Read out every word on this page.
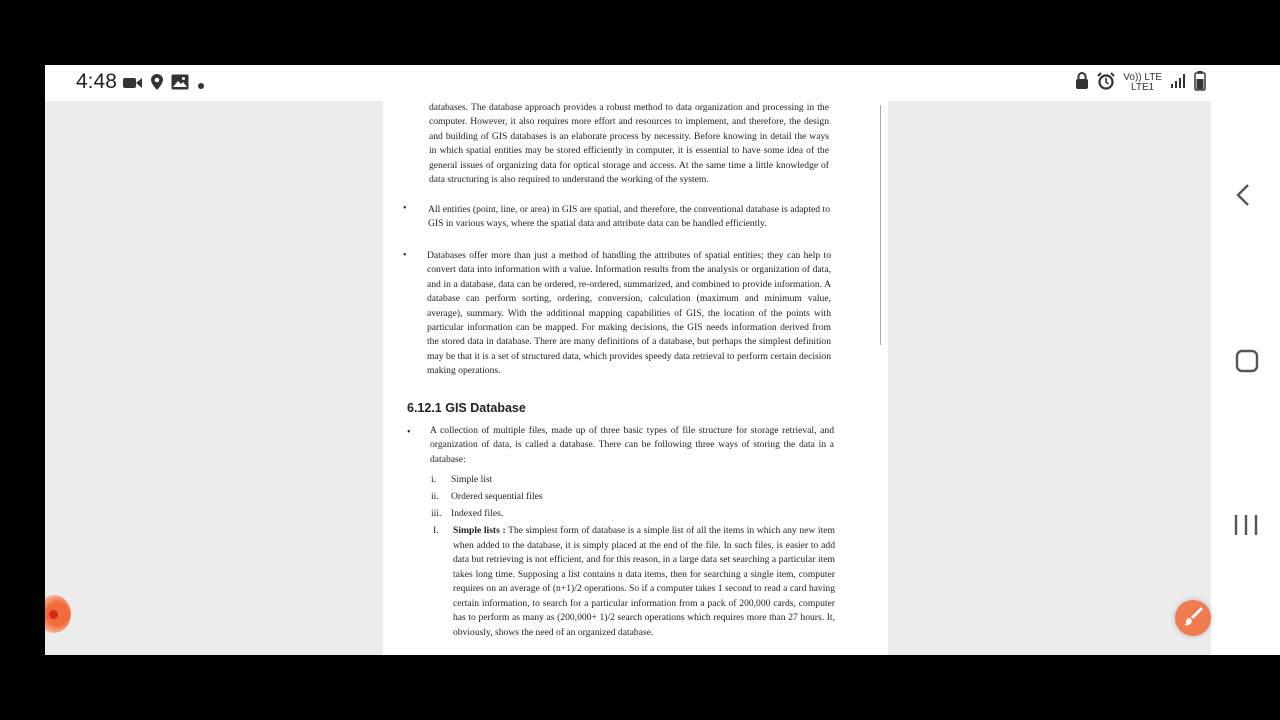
4:48	Vo)) LTE
LTE1
databases. The database approach provides a robust method to data organization and processing in the computer. However, it also requires more effort and resources to implement, and therefore, the design and building of GIS databases is an elaborate process by necessity. Before knowing in detail the ways in which spatial entities may be stored efficiently in computer, it is essential to have some idea of the general issues of organizing data for optical storage and access. At the same time a little knowledge of data structuring is also required to understand the working of the system.
• All entities (point, line, or area) in GIS are spatial, and therefore, the conventional database is adapted to GIS in various ways, where the spatial data and attribute data can be handled efficiently.
• Databases offer more than just a method of handling the attributes of spatial entities; they can help to convert data into information with a value. Information results from the analysis or organization of data, and in a database, data can be ordered, re-ordered, summarized, and combined to provide information. A database can perform sorting, ordering, conversion, calculation (maximum and minimum value, average), summary. With the additional mapping capabilities of GIS, the location of the points with particular information can be mapped. For making decisions, the GIS needs information derived from the stored data in database. There are many definitions of a database, but perhaps the simplest definition may be that it is a set of structured data, which provides speedy data retrieval to perform certain decision making operations.
6.12.1 GIS Database
• A collection of multiple files, made up of three basic types of file structure for storage retrieval, and organization of data, is called a database. There can be following three ways of storing the data in a database:
i. Simple list
ii. Ordered sequential files
iii. Indexed files.
I. Simple lists : The simplest form of database is a simple list of all the items in which any new item when added to the database, it is simply placed at the end of the file. In such files, is easier to add data but retrieving is not efficient, and for this reason, in a large data set searching a particular item takes long time. Supposing a list contains n data items, then for searching a single item, computer requires on an average of (n+1)/2 operations. So if a computer takes 1 second to read a card having certain information, to search for a particular information from a pack of 200,000 cards, computer has to perform as many as (200,000+ 1)/2 search operations which requires more than 27 hours. It, obviously, shows the need of an organized database.
